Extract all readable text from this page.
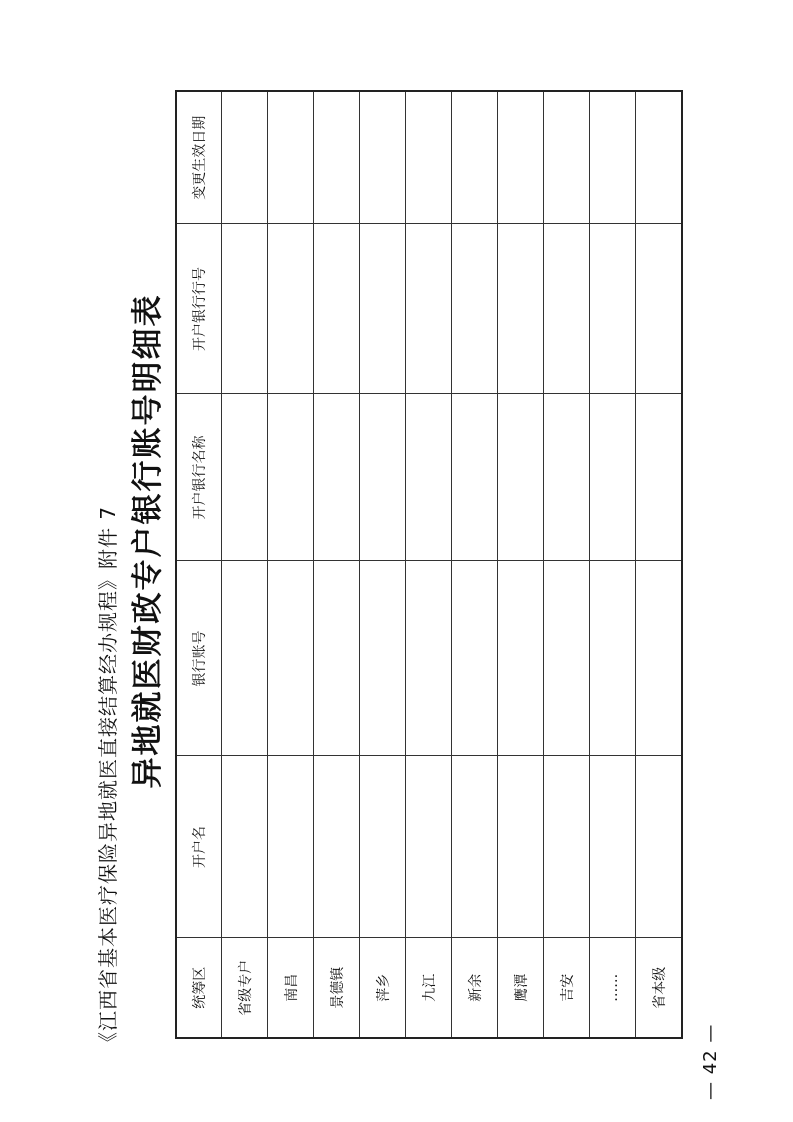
《江西省基本医疗保险异地就医直接结算经办规程》附件 7 异地就医财政专户银行账号明细表
统筹区	开户名	银行账号	开户银行名称	开户银行行号	变更生效日期
省级专户					
南昌					
景德镇					
萍乡					
九江					
新余					
鹰潭					
吉安					
……					
省本级					
— 42 —
